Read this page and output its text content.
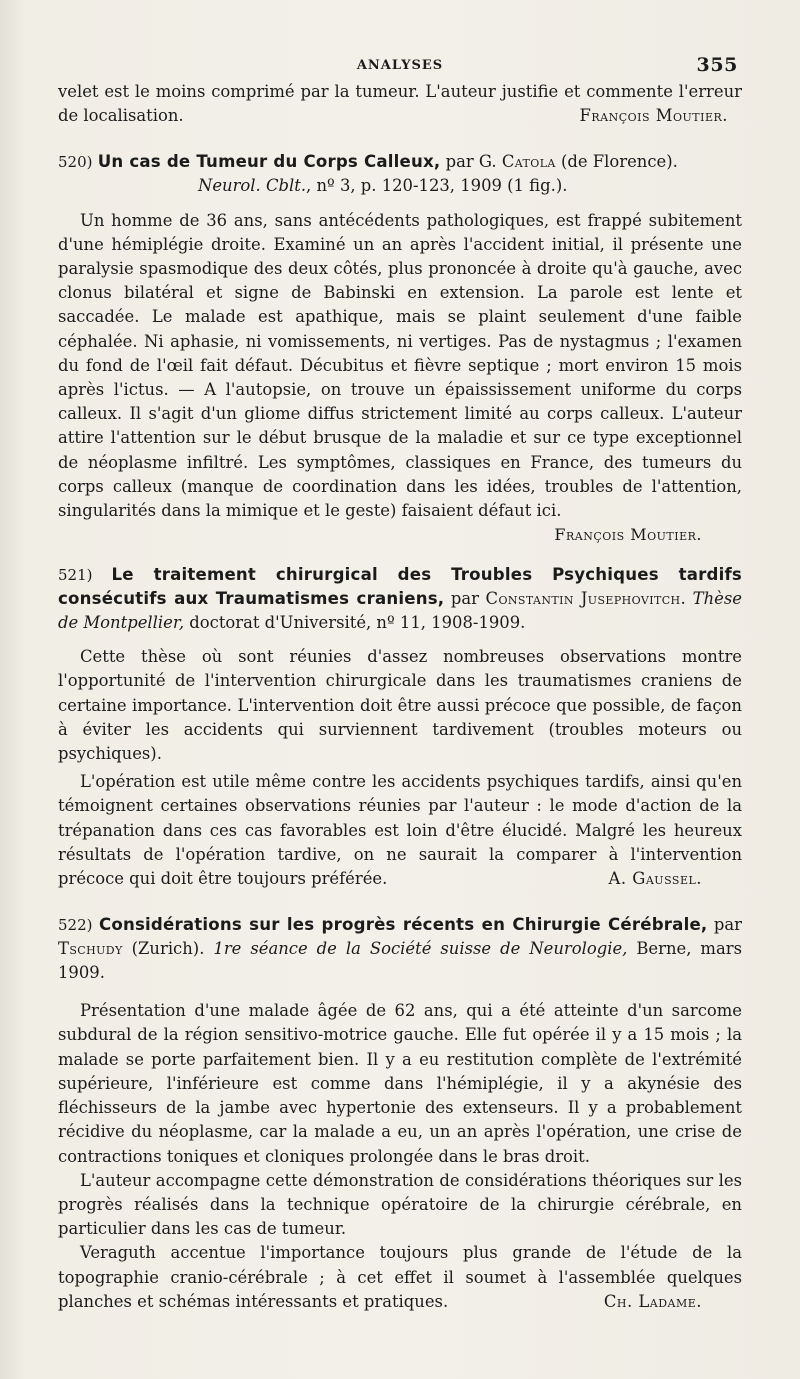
ANALYSES	355

velet est le moins comprimé par la tumeur. L'auteur justifie et commente l'erreur de localisation.	François Moutier.

520) Un cas de Tumeur du Corps Calleux, par G. Catola (de Florence).

Neurol. Cblt., nº 3, p. 120-123, 1909 (1 fig.).

Un homme de 36 ans, sans antécédents pathologiques, est frappé subitement d'une hémiplégie droite. Examiné un an après l'accident initial, il présente une paralysie spasmodique des deux côtés, plus prononcée à droite qu'à gauche, avec clonus bilatéral et signe de Babinski en extension. La parole est lente et saccadée. Le malade est apathique, mais se plaint seulement d'une faible céphalée. Ni aphasie, ni vomissements, ni vertiges. Pas de nystagmus ; l'examen du fond de l'œil fait défaut. Décubitus et fièvre septique ; mort environ 15 mois après l'ictus. — A l'autopsie, on trouve un épaississement uniforme du corps calleux. Il s'agit d'un gliome diffus strictement limité au corps calleux. L'auteur attire l'attention sur le début brusque de la maladie et sur ce type exceptionnel de néoplasme infiltré. Les symptômes, classiques en France, des tumeurs du corps calleux (manque de coordination dans les idées, troubles de l'attention, singularités dans la mimique et le geste) faisaient défaut ici.

François Moutier.

521) Le traitement chirurgical des Troubles Psychiques tardifs consécutifs aux Traumatismes craniens, par Constantin Jusephovitch. Thèse de Montpellier, doctorat d'Université, nº 11, 1908-1909.

Cette thèse où sont réunies d'assez nombreuses observations montre l'opportunité de l'intervention chirurgicale dans les traumatismes craniens de certaine importance. L'intervention doit être aussi précoce que possible, de façon à éviter les accidents qui surviennent tardivement (troubles moteurs ou psychiques).

L'opération est utile même contre les accidents psychiques tardifs, ainsi qu'en témoignent certaines observations réunies par l'auteur : le mode d'action de la trépanation dans ces cas favorables est loin d'être élucidé. Malgré les heureux résultats de l'opération tardive, on ne saurait la comparer à l'intervention précoce qui doit être toujours préférée.	A. Gaussel.

522) Considérations sur les progrès récents en Chirurgie Cérébrale, par Tschudy (Zurich). 1re séance de la Société suisse de Neurologie, Berne, mars 1909.

Présentation d'une malade âgée de 62 ans, qui a été atteinte d'un sarcome subdural de la région sensitivo-motrice gauche. Elle fut opérée il y a 15 mois ; la malade se porte parfaitement bien. Il y a eu restitution complète de l'extrémité supérieure, l'inférieure est comme dans l'hémiplégie, il y a akynésie des fléchisseurs de la jambe avec hypertonie des extenseurs. Il y a probablement récidive du néoplasme, car la malade a eu, un an après l'opération, une crise de contractions toniques et cloniques prolongée dans le bras droit.

L'auteur accompagne cette démonstration de considérations théoriques sur les progrès réalisés dans la technique opératoire de la chirurgie cérébrale, en particulier dans les cas de tumeur.

Veraguth accentue l'importance toujours plus grande de l'étude de la topographie cranio-cérébrale ; à cet effet il soumet à l'assemblée quelques planches et schémas intéressants et pratiques.	Ch. Ladame.
